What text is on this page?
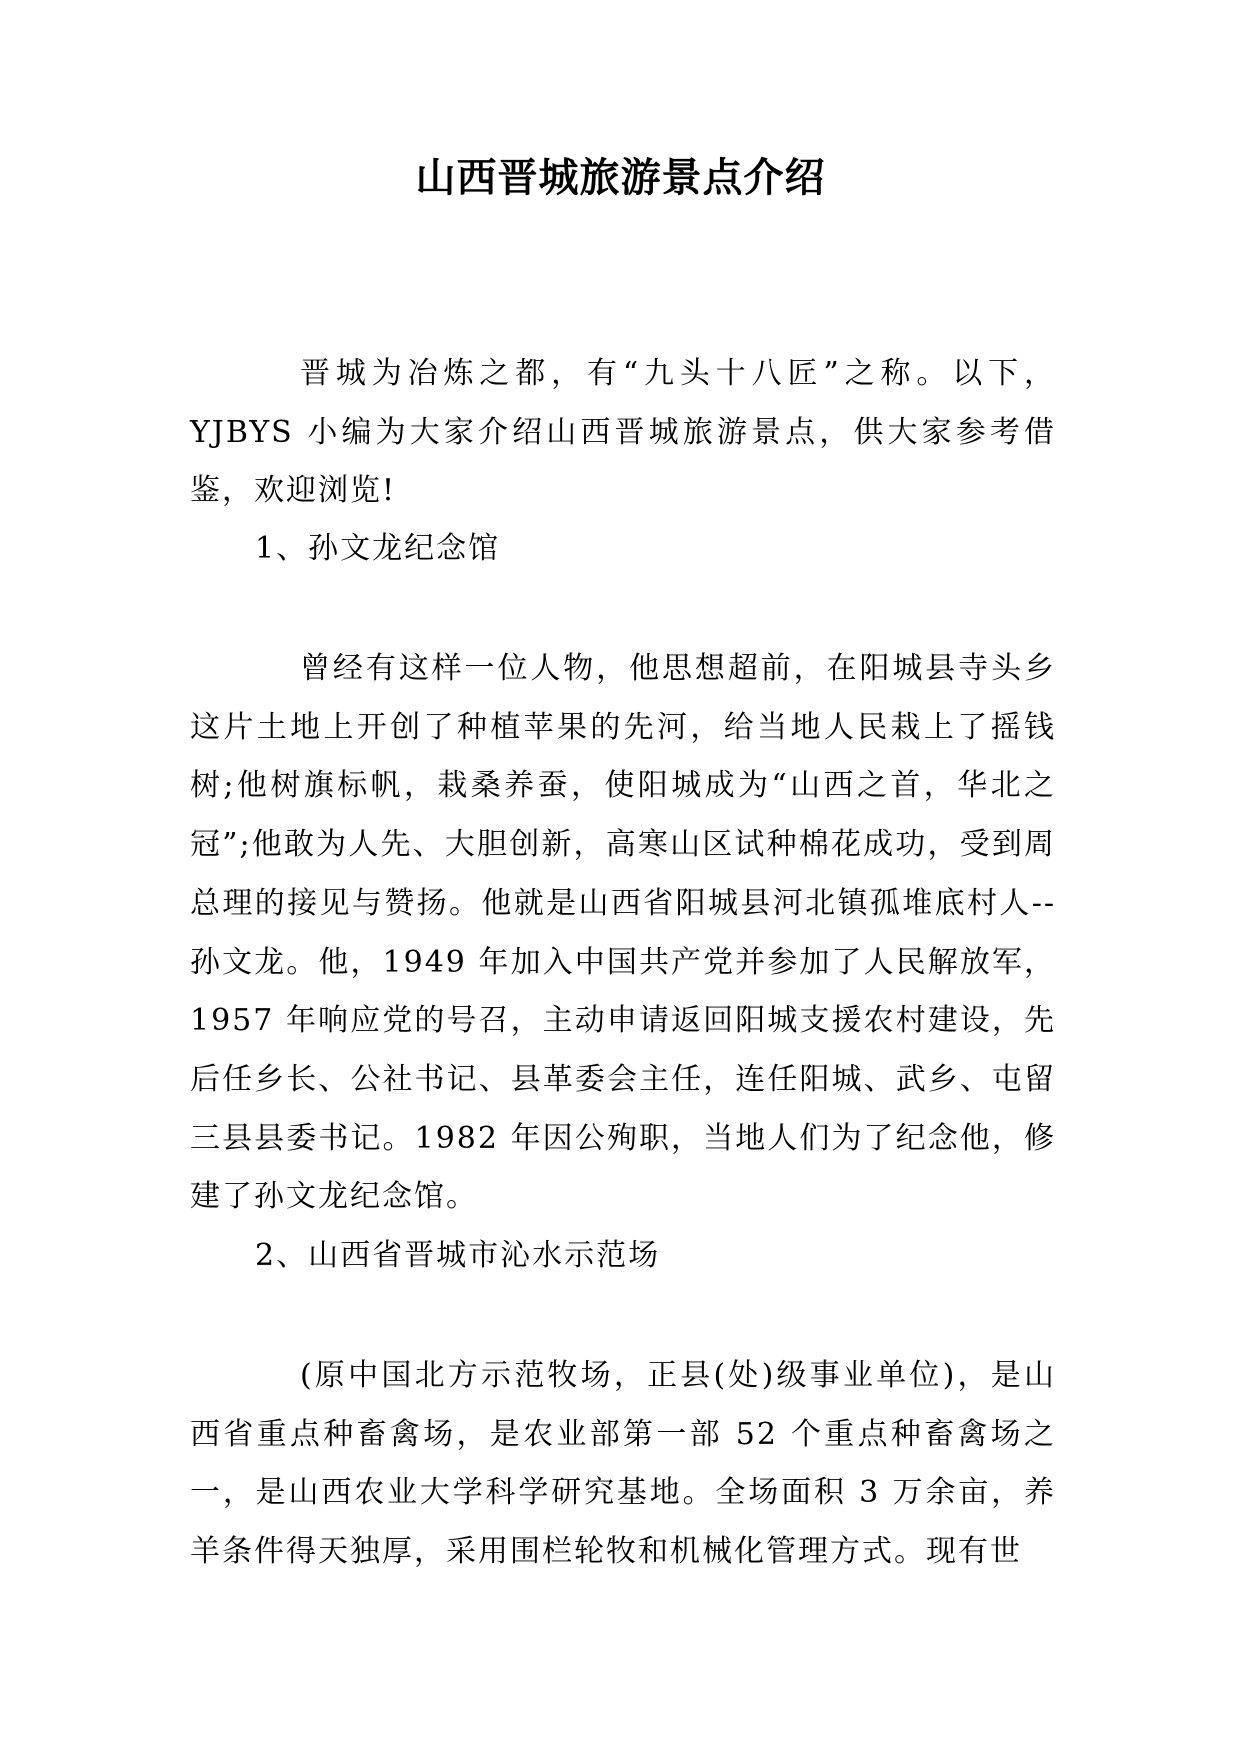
山西晋城旅游景点介绍

晋城为冶炼之都，有“九头十八匠”之称。以下，YJBYS 小编为大家介绍山西晋城旅游景点，供大家参考借鉴，欢迎浏览!

1、孙文龙纪念馆

曾经有这样一位人物，他思想超前，在阳城县寺头乡这片土地上开创了种植苹果的先河，给当地人民栽上了摇钱树;他树旗标帆，栽桑养蚕，使阳城成为“山西之首，华北之冠”;他敢为人先、大胆创新，高寒山区试种棉花成功，受到周总理的接见与赞扬。他就是山西省阳城县河北镇孤堆底村人--孙文龙。他，1949 年加入中国共产党并参加了人民解放军，1957 年响应党的号召，主动申请返回阳城支援农村建设，先后任乡长、公社书记、县革委会主任，连任阳城、武乡、屯留三县县委书记。1982 年因公殉职，当地人们为了纪念他，修建了孙文龙纪念馆。

2、山西省晋城市沁水示范场

(原中国北方示范牧场，正县(处)级事业单位)，是山西省重点种畜禽场，是农业部第一部 52 个重点种畜禽场之一，是山西农业大学科学研究基地。全场面积 3 万余亩，养羊条件得天独厚，采用围栏轮牧和机械化管理方式。现有世
